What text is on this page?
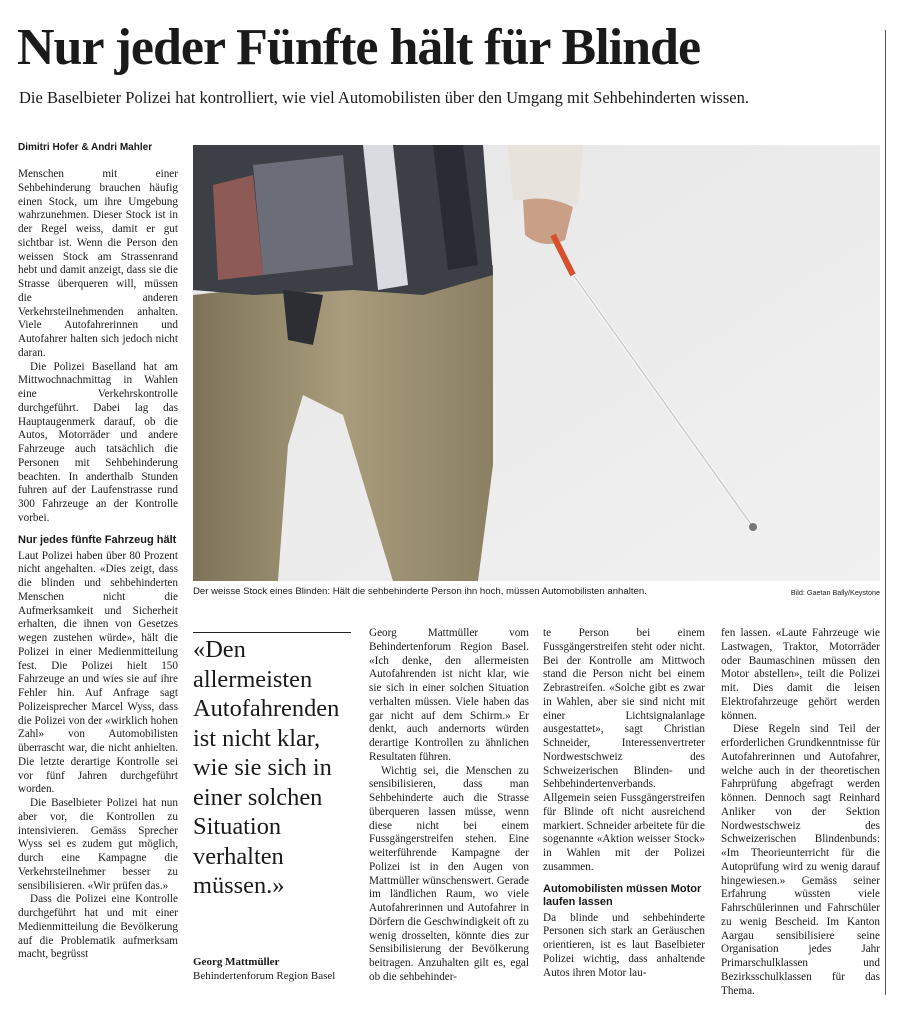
Nur jeder Fünfte hält für Blinde
Die Baselbieter Polizei hat kontrolliert, wie viel Automobilisten über den Umgang mit Sehbehinderten wissen.
Dimitri Hofer & Andri Mahler

Menschen mit einer Sehbehinderung brauchen häufig einen Stock, um ihre Umgebung wahrzunehmen. Dieser Stock ist in der Regel weiss, damit er gut sichtbar ist. Wenn die Person den weissen Stock am Strassenrand hebt und damit anzeigt, dass sie die Strasse überqueren will, müssen die anderen Verkehrsteilnehmenden anhalten. Viele Autofahrerinnen und Autofahrer halten sich jedoch nicht daran.

Die Polizei Baselland hat am Mittwochnachmittag in Wahlen eine Verkehrskontrolle durchgeführt. Dabei lag das Hauptaugenmerk darauf, ob die Autos, Motorräder und andere Fahrzeuge auch tatsächlich die Personen mit Sehbehinderung beachten. In anderthalb Stunden fuhren auf der Laufenstrasse rund 300 Fahrzeuge an der Kontrolle vorbei.

Nur jedes fünfte Fahrzeug hält

Laut Polizei haben über 80 Prozent nicht angehalten. «Dies zeigt, dass die blinden und sehbehinderten Menschen nicht die Aufmerksamkeit und Sicherheit erhalten, die ihnen von Gesetzes wegen zustehen würde», hält die Polizei in einer Medienmitteilung fest. Die Polizei hielt 150 Fahrzeuge an und wies sie auf ihre Fehler hin. Auf Anfrage sagt Polizeisprecher Marcel Wyss, dass die Polizei von der «wirklich hohen Zahl» von Automobilisten überrascht war, die nicht anhielten. Die letzte derartige Kontrolle sei vor fünf Jahren durchgeführt worden.

Die Baselbieter Polizei hat nun aber vor, die Kontrollen zu intensivieren. Gemäss Sprecher Wyss sei es zudem gut möglich, durch eine Kampagne die Verkehrsteilnehmer besser zu sensibilisieren. «Wir prüfen das.»

Dass die Polizei eine Kontrolle durchgeführt hat und mit einer Medienmitteilung die Bevölkerung auf die Problematik aufmerksam macht, begrüsst

Der weisse Stock eines Blinden: Hält die sehbehinderte Person ihn hoch, müssen Automobilisten anhalten.	Bild: Gaetan Bally/Keystone
«Den allermeisten Autofahrenden ist nicht klar, wie sie sich in einer solchen Situation verhalten müssen.»
Georg Mattmüller
Behindertenforum Region Basel

Georg Mattmüller vom Behindertenforum Region Basel. «Ich denke, den allermeisten Autofahrenden ist nicht klar, wie sie sich in einer solchen Situation verhalten müssen. Viele haben das gar nicht auf dem Schirm.» Er denkt, auch andernorts würden derartige Kontrollen zu ähnlichen Resultaten führen.

Wichtig sei, die Menschen zu sensibilisieren, dass man Sehbehinderte auch die Strasse überqueren lassen müsse, wenn diese nicht bei einem Fussgängerstreifen stehen. Eine weiterführende Kampagne der Polizei ist in den Augen von Mattmüller wünschenswert. Gerade im ländlichen Raum, wo viele Autofahrerinnen und Autofahrer in Dörfern die Geschwindigkeit oft zu wenig drosselten, könnte dies zur Sensibilisierung der Bevölkerung beitragen. Anzuhalten gilt es, egal ob die sehbehinder-

te Person bei einem Fussgängerstreifen steht oder nicht. Bei der Kontrolle am Mittwoch stand die Person nicht bei einem Zebrastreifen. «Solche gibt es zwar in Wahlen, aber sie sind nicht mit einer Lichtsignalanlage ausgestattet», sagt Christian Schneider, Interessenvertreter Nordwestschweiz des Schweizerischen Blinden- und Sehbehindertenverbands. Allgemein seien Fussgängerstreifen für Blinde oft nicht ausreichend markiert. Schneider arbeitete für die sogenannte «Aktion weisser Stock» in Wahlen mit der Polizei zusammen.

Automobilisten müssen Motor laufen lassen

Da blinde und sehbehinderte Personen sich stark an Geräuschen orientieren, ist es laut Baselbieter Polizei wichtig, dass anhaltende Autos ihren Motor lau-

fen lassen. «Laute Fahrzeuge wie Lastwagen, Traktor, Motorräder oder Baumaschinen müssen den Motor abstellen», teilt die Polizei mit. Dies damit die leisen Elektrofahrzeuge gehört werden können.

Diese Regeln sind Teil der erforderlichen Grundkenntnisse für Autofahrerinnen und Autofahrer, welche auch in der theoretischen Fahrprüfung abgefragt werden können. Dennoch sagt Reinhard Anliker von der Sektion Nordwestschweiz des Schweizerischen Blindenbunds: «Im Theorieunterricht für die Autoprüfung wird zu wenig darauf hingewiesen.» Gemäss seiner Erfahrung wüssten viele Fahrschülerinnen und Fahrschüler zu wenig Bescheid. Im Kanton Aargau sensibilisiere seine Organisation jedes Jahr Primarschulklassen und Bezirksschulklassen für das Thema.
